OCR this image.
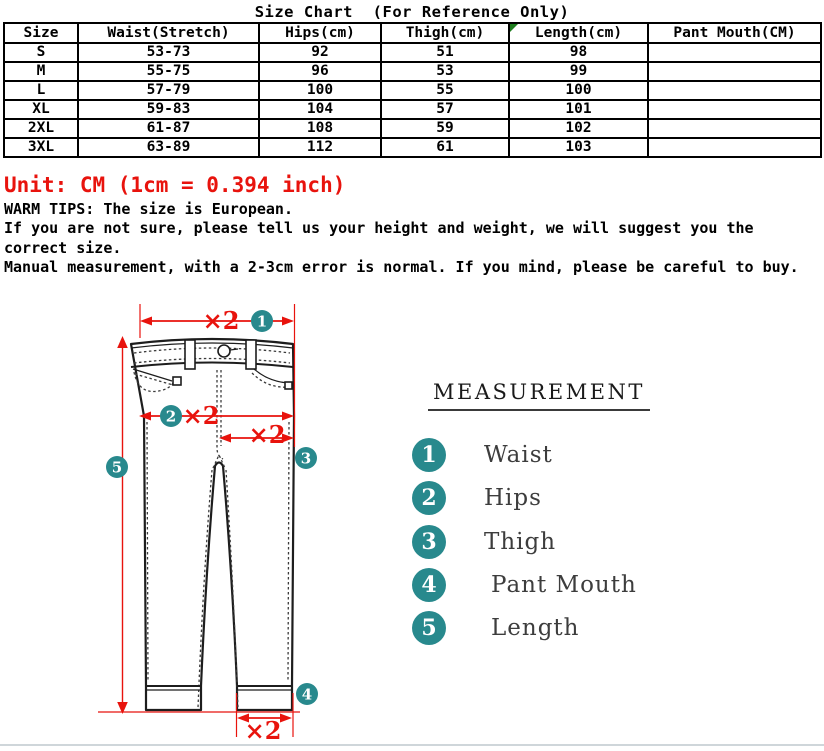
Size Chart  (For Reference Only)
Size	Waist(Stretch)	Hips(cm)	Thigh(cm)	Length(cm)	Pant Mouth(CM)
S	53-73	92	51	98	
M	55-75	96	53	99	
L	57-79	100	55	100	
XL	59-83	104	57	101	
2XL	61-87	108	59	102	
3XL	63-89	112	61	103	
Unit: CM (1cm = 0.394 inch)
WARM TIPS: The size is European.
If you are not sure, please tell us your height and weight, we will suggest you the
correct size.
Manual measurement, with a 2-3cm error is normal. If you mind, please be careful to buy.
×2 1
2 ×2
×2
3
5
×2
4
MEASUREMENT
1	Waist
2	Hips
3	Thigh
4	Pant Mouth
5	Length
